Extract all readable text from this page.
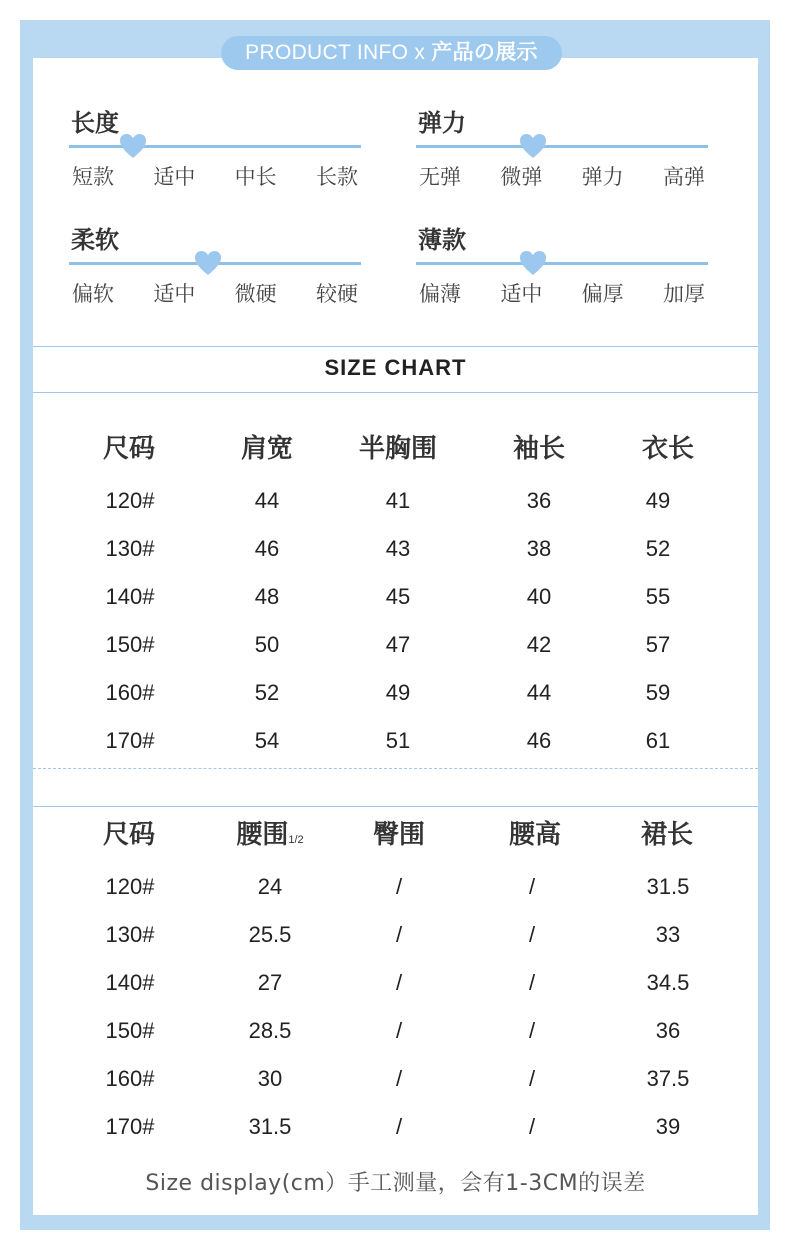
PRODUCT INFO x 产品の展示
长度
短款 适中 中长 长款
弹力
无弹 微弹 弹力 高弹
柔软
偏软 适中 微硬 较硬
薄款
偏薄 适中 偏厚 加厚
SIZE CHART
尺码	肩宽	半胸围	袖长	衣长
120#	44	41	36	49
130#	46	43	38	52
140#	48	45	40	55
150#	50	47	42	57
160#	52	49	44	59
170#	54	51	46	61
尺码	腰围1/2	臀围	腰高	裙长
120#	24	/	/	31.5
130#	25.5	/	/	33
140#	27	/	/	34.5
150#	28.5	/	/	36
160#	30	/	/	37.5
170#	31.5	/	/	39
Size display(cm）手工测量，会有1-3CM的误差
